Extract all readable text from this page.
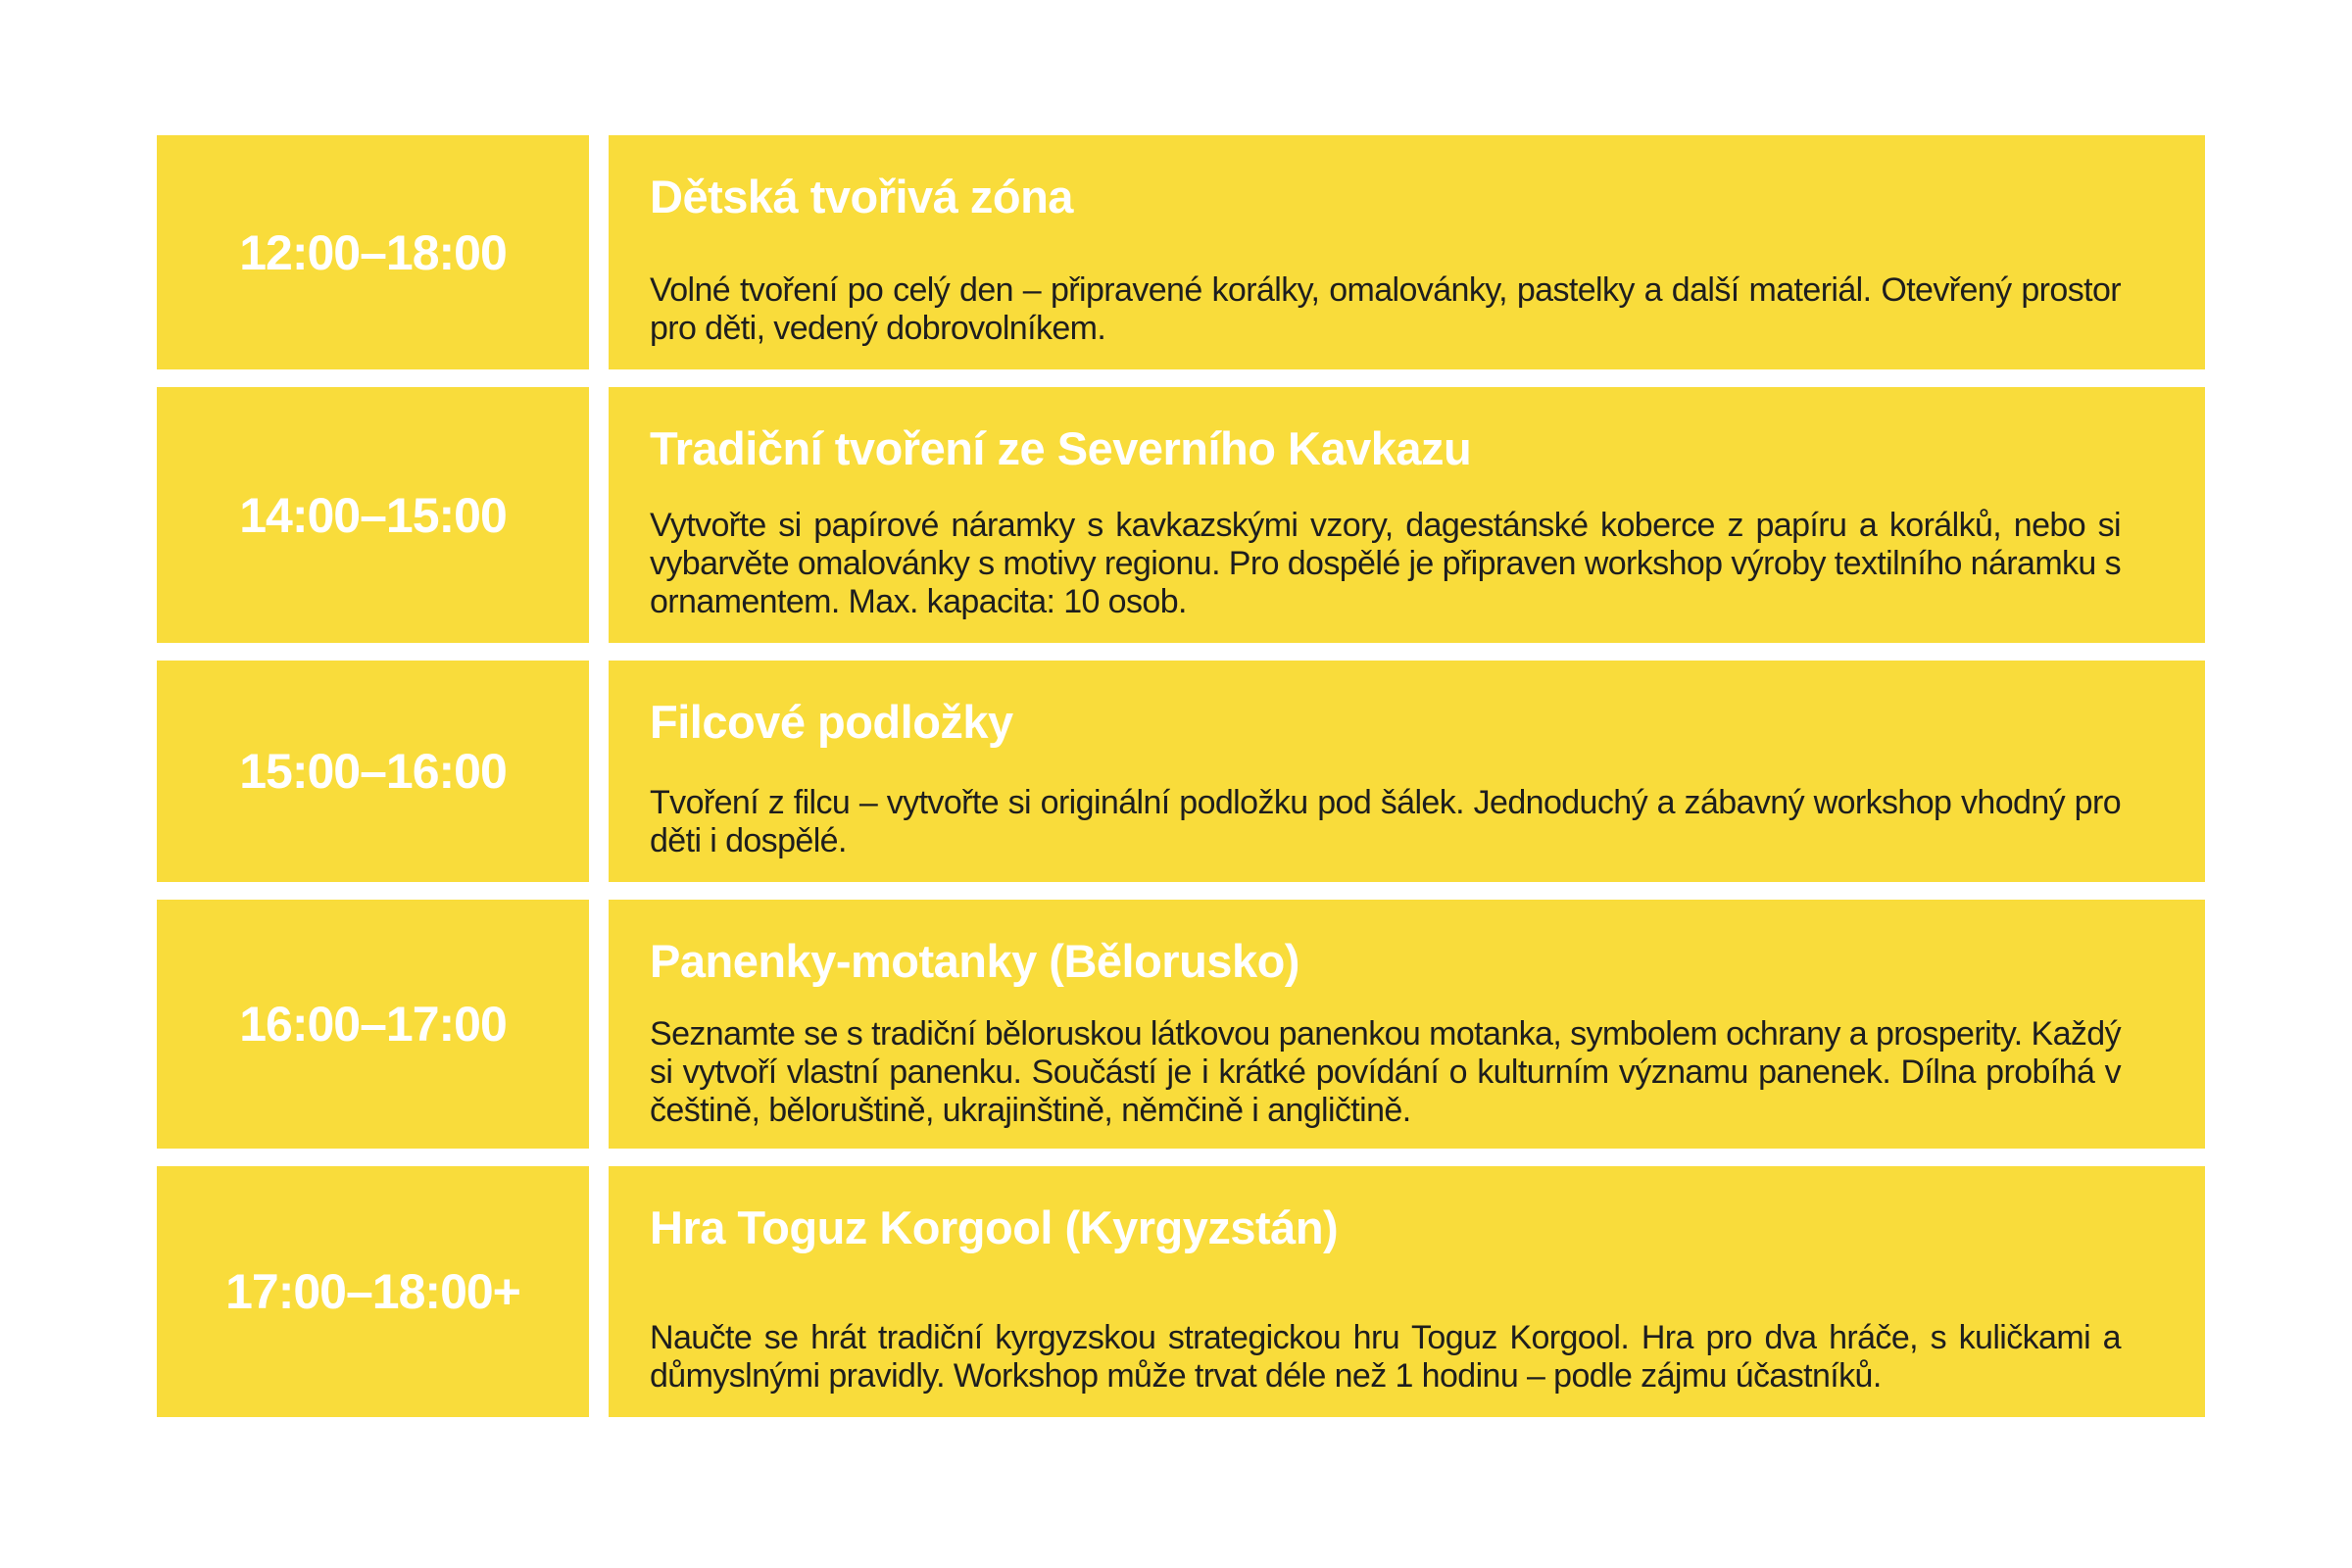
12:00–18:00
Dětská tvořivá zóna
Volné tvoření po celý den – připravené korálky, omalovánky, pastelky a další materiál. Otevřený prostor pro děti, vedený dobrovolníkem.
14:00–15:00
Tradiční tvoření ze Severního Kavkazu
Vytvořte si papírové náramky s kavkazskými vzory, dagestánské koberce z papíru a korálků, nebo si vybarvěte omalovánky s motivy regionu. Pro dospělé je připraven workshop výroby textilního náramku s ornamentem. Max. kapacita: 10 osob.
15:00–16:00
Filcové podložky
Tvoření z filcu – vytvořte si originální podložku pod šálek. Jednoduchý a zábavný workshop vhodný pro děti i dospělé.
16:00–17:00
Panenky-motanky (Bělorusko)
Seznamte se s tradiční běloruskou látkovou panenkou motanka, symbolem ochrany a prosperity. Každý si vytvoří vlastní panenku. Součástí je i krátké povídání o kulturním významu panenek. Dílna probíhá v češtině, běloruštině, ukrajinštině, němčině i angličtině.
17:00–18:00+
Hra Toguz Korgool (Kyrgyzstán)
Naučte se hrát tradiční kyrgyzskou strategickou hru Toguz Korgool. Hra pro dva hráče, s kuličkami a důmyslnými pravidly. Workshop může trvat déle než 1 hodinu – podle zájmu účastníků.
